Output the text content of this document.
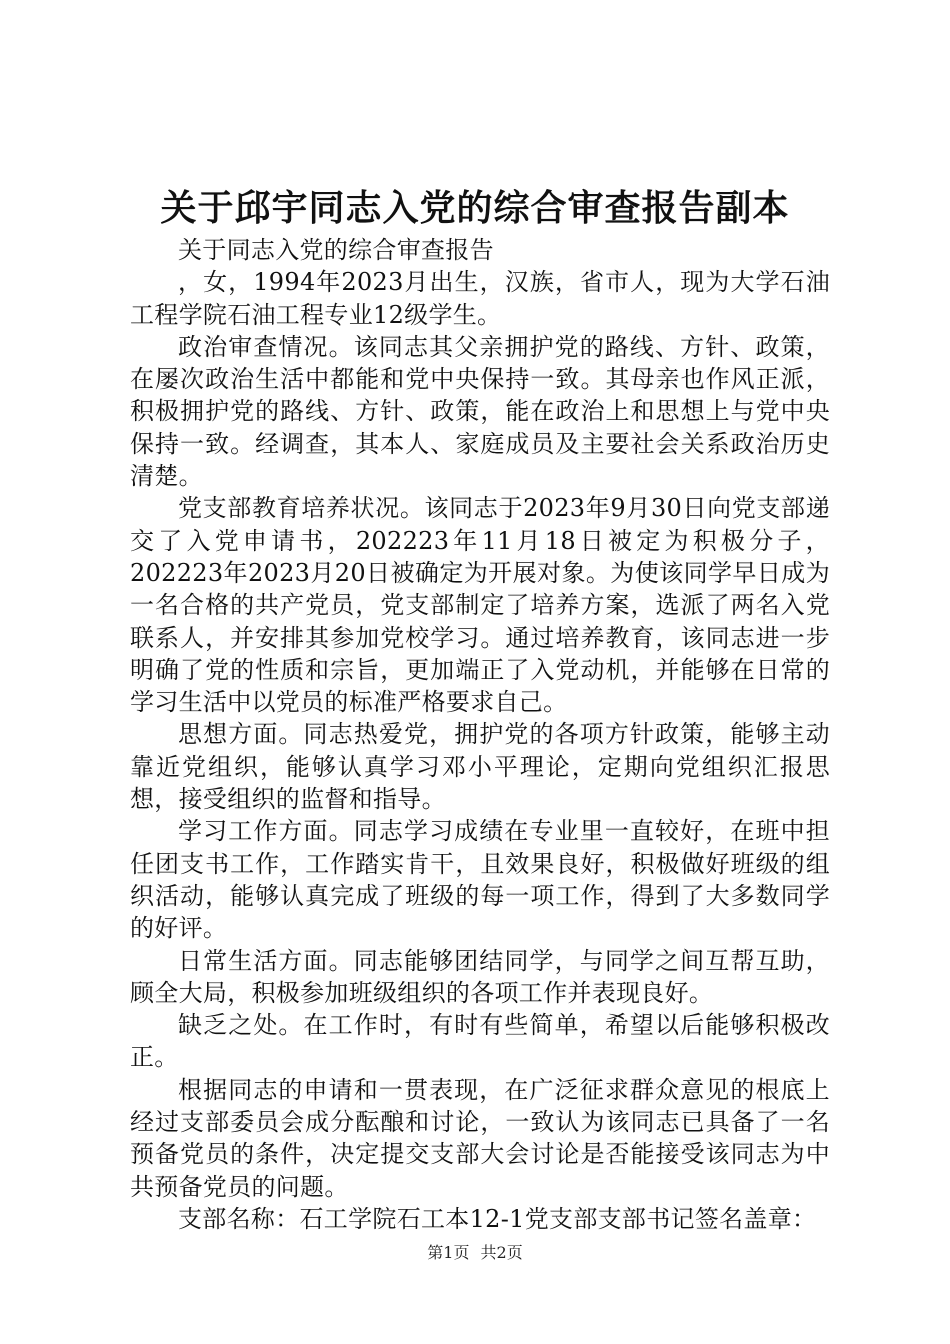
关于邱宇同志入党的综合审查报告副本

关于同志入党的综合审查报告

，女，1994年2023月出生，汉族，省市人，现为大学石油工程学院石油工程专业12级学生。

政治审查情况。该同志其父亲拥护党的路线、方针、政策，在屡次政治生活中都能和党中央保持一致。其母亲也作风正派，积极拥护党的路线、方针、政策，能在政治上和思想上与党中央保持一致。经调查，其本人、家庭成员及主要社会关系政治历史清楚。

党支部教育培养状况。该同志于2023年9月30日向党支部递交了入党申请书，202223年11月18日被定为积极分子，202223年2023月20日被确定为开展对象。为使该同学早日成为一名合格的共产党员，党支部制定了培养方案，选派了两名入党联系人，并安排其参加党校学习。通过培养教育，该同志进一步明确了党的性质和宗旨，更加端正了入党动机，并能够在日常的学习生活中以党员的标准严格要求自己。

思想方面。同志热爱党，拥护党的各项方针政策，能够主动靠近党组织，能够认真学习邓小平理论，定期向党组织汇报思想，接受组织的监督和指导。

学习工作方面。同志学习成绩在专业里一直较好，在班中担任团支书工作，工作踏实肯干，且效果良好，积极做好班级的组织活动，能够认真完成了班级的每一项工作，得到了大多数同学的好评。

日常生活方面。同志能够团结同学，与同学之间互帮互助，顾全大局，积极参加班级组织的各项工作并表现良好。

缺乏之处。在工作时，有时有些简单，希望以后能够积极改正。

根据同志的申请和一贯表现，在广泛征求群众意见的根底上经过支部委员会成分酝酿和讨论，一致认为该同志已具备了一名预备党员的条件，决定提交支部大会讨论是否能接受该同志为中共预备党员的问题。

支部名称：石工学院石工本12-1党支部支部书记签名盖章：

第1页 共2页
